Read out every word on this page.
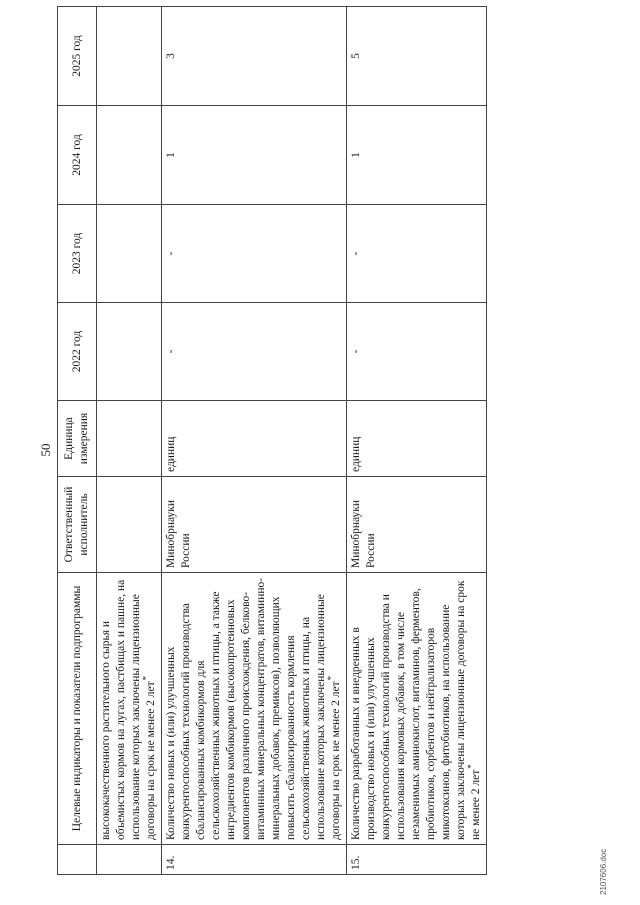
50
	Целевые индикаторы и показатели подпрограммы	Ответственный исполнитель	Единица измерения	2022 год	2023 год	2024 год	2025 год
	высококачественного растительного сырья и объемистых кормов на лугах, пастбищах и пашне, на использование которых заключены лицензионные договоры на срок не менее 2 лет*						
14.	Количество новых и (или) улучшенных конкурентоспособных технологий производства сбалансированных комбикормов для сельскохозяйственных животных и птицы, а также ингредиентов комбикормов (высокопротеиновых компонентов различного происхождения, белково-витаминных минеральных концентратов, витаминно-минеральных добавок, премиксов), позволяющих повысить сбалансированность кормления сельскохозяйственных животных и птицы, на использование которых заключены лицензионные договоры на срок не менее 2 лет*	Минобрнауки России	единиц	-	-	1	3
15.	Количество разработанных и внедренных в производство новых и (или) улучшенных конкурентоспособных технологий производства и использования кормовых добавок, в том числе незаменимых аминокислот, витаминов, ферментов, пробиотиков, сорбентов и нейтрализаторов микотоксинов, фитобиотиков, на использование которых заключены лицензионные договоры на срок не менее 2 лет*	Минобрнауки России	единиц	-	-	1	5
2107606.doc
